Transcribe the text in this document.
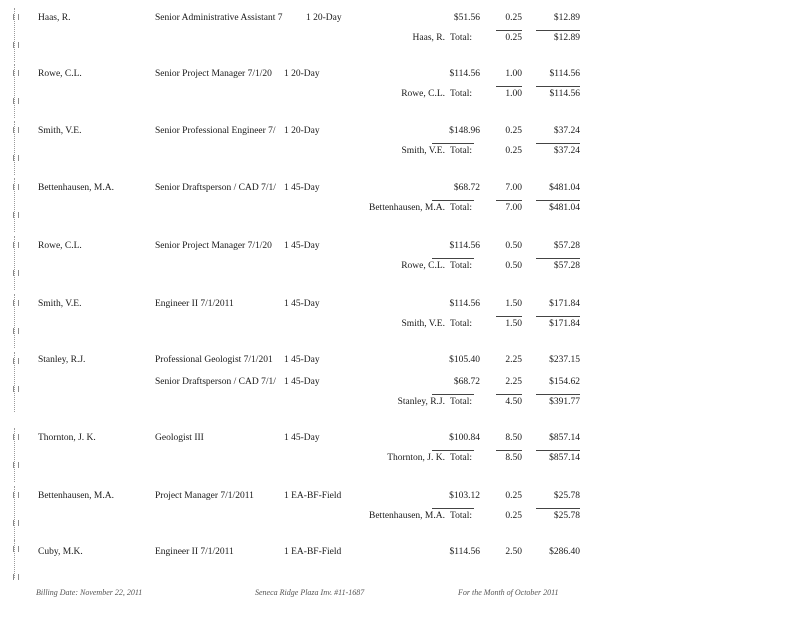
Haas, R.	Senior Administrative Assistant 7	1 20-Day	$51.56	0.25	$12.89
Haas, R. Total:	0.25	$12.89
Rowe, C.L.	Senior Project Manager 7/1/20	1 20-Day	$114.56	1.00	$114.56
Rowe, C.L. Total:	1.00	$114.56
Smith, V.E.	Senior Professional Engineer 7/ 1 20-Day	$148.96	0.25	$37.24
Smith, V.E. Total:	0.25	$37.24
Bettenhausen, M.A.	Senior Draftsperson / CAD 7/1/ 1 45-Day	$68.72	7.00	$481.04
Bettenhausen, M.A. Total:	7.00	$481.04
Rowe, C.L.	Senior Project Manager 7/1/20	1 45-Day	$114.56	0.50	$57.28
Rowe, C.L. Total:	0.50	$57.28
Smith, V.E.	Engineer II 7/1/2011	1 45-Day	$114.56	1.50	$171.84
Smith, V.E. Total:	1.50	$171.84
Stanley, R.J.	Professional Geologist 7/1/201	1 45-Day	$105.40	2.25	$237.15
Senior Draftsperson / CAD 7/1/ 1 45-Day	$68.72	2.25	$154.62
Stanley, R.J. Total:	4.50	$391.77
Thornton, J. K.	Geologist III	1 45-Day	$100.84	8.50	$857.14
Thornton, J. K. Total:	8.50	$857.14
Bettenhausen, M.A.	Project Manager 7/1/2011	1 EA-BF-Field	$103.12	0.25	$25.78
Bettenhausen, M.A. Total:	0.25	$25.78
Cuby, M.K.	Engineer II 7/1/2011	1 EA-BF-Field	$114.56	2.50	$286.40
Billing Date: November 22, 2011	Seneca Ridge Plaza Inv. #11-1687	For the Month of October 2011
